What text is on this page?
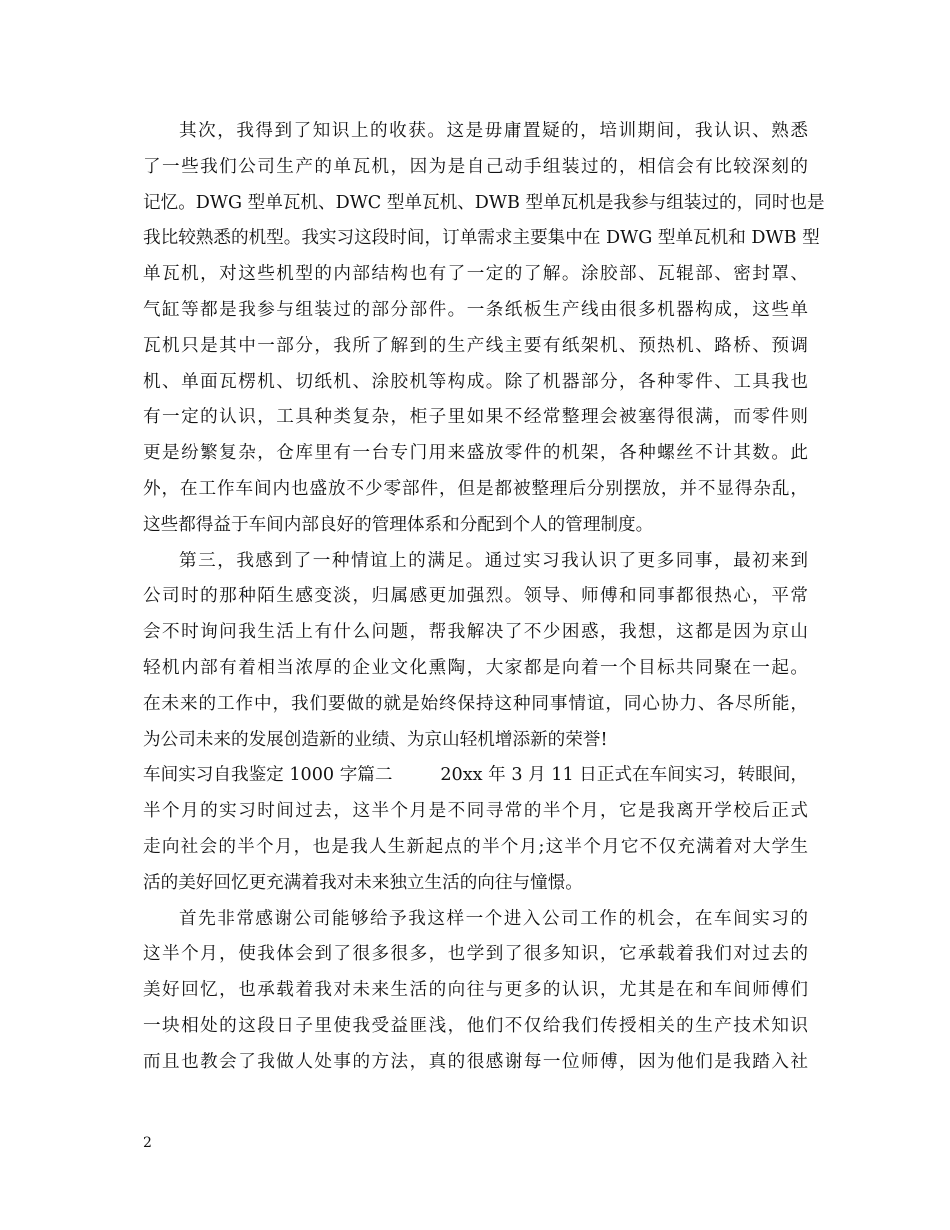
其次，我得到了知识上的收获。这是毋庸置疑的，培训期间，我认识、熟悉
了一些我们公司生产的单瓦机，因为是自己动手组装过的，相信会有比较深刻的
记忆。DWG 型单瓦机、DWC 型单瓦机、DWB 型单瓦机是我参与组装过的，同时也是
我比较熟悉的机型。我实习这段时间，订单需求主要集中在 DWG 型单瓦机和 DWB 型
单瓦机，对这些机型的内部结构也有了一定的了解。涂胶部、瓦辊部、密封罩、
气缸等都是我参与组装过的部分部件。一条纸板生产线由很多机器构成，这些单
瓦机只是其中一部分，我所了解到的生产线主要有纸架机、预热机、路桥、预调
机、单面瓦楞机、切纸机、涂胶机等构成。除了机器部分，各种零件、工具我也
有一定的认识，工具种类复杂，柜子里如果不经常整理会被塞得很满，而零件则
更是纷繁复杂，仓库里有一台专门用来盛放零件的机架，各种螺丝不计其数。此
外，在工作车间内也盛放不少零部件，但是都被整理后分别摆放，并不显得杂乱，
这些都得益于车间内部良好的管理体系和分配到个人的管理制度。
第三，我感到了一种情谊上的满足。通过实习我认识了更多同事，最初来到
公司时的那种陌生感变淡，归属感更加强烈。领导、师傅和同事都很热心，平常
会不时询问我生活上有什么问题，帮我解决了不少困惑，我想，这都是因为京山
轻机内部有着相当浓厚的企业文化熏陶，大家都是向着一个目标共同聚在一起。
在未来的工作中，我们要做的就是始终保持这种同事情谊，同心协力、各尽所能，
为公司未来的发展创造新的业绩、为京山轻机增添新的荣誉!
车间实习自我鉴定 1000 字篇二	20xx 年 3 月 11 日正式在车间实习，转眼间，
半个月的实习时间过去，这半个月是不同寻常的半个月，它是我离开学校后正式
走向社会的半个月，也是我人生新起点的半个月;这半个月它不仅充满着对大学生
活的美好回忆更充满着我对未来独立生活的向往与憧憬。
首先非常感谢公司能够给予我这样一个进入公司工作的机会，在车间实习的
这半个月，使我体会到了很多很多，也学到了很多知识，它承载着我们对过去的
美好回忆，也承载着我对未来生活的向往与更多的认识，尤其是在和车间师傅们
一块相处的这段日子里使我受益匪浅，他们不仅给我们传授相关的生产技术知识
而且也教会了我做人处事的方法，真的很感谢每一位师傅，因为他们是我踏入社
2
